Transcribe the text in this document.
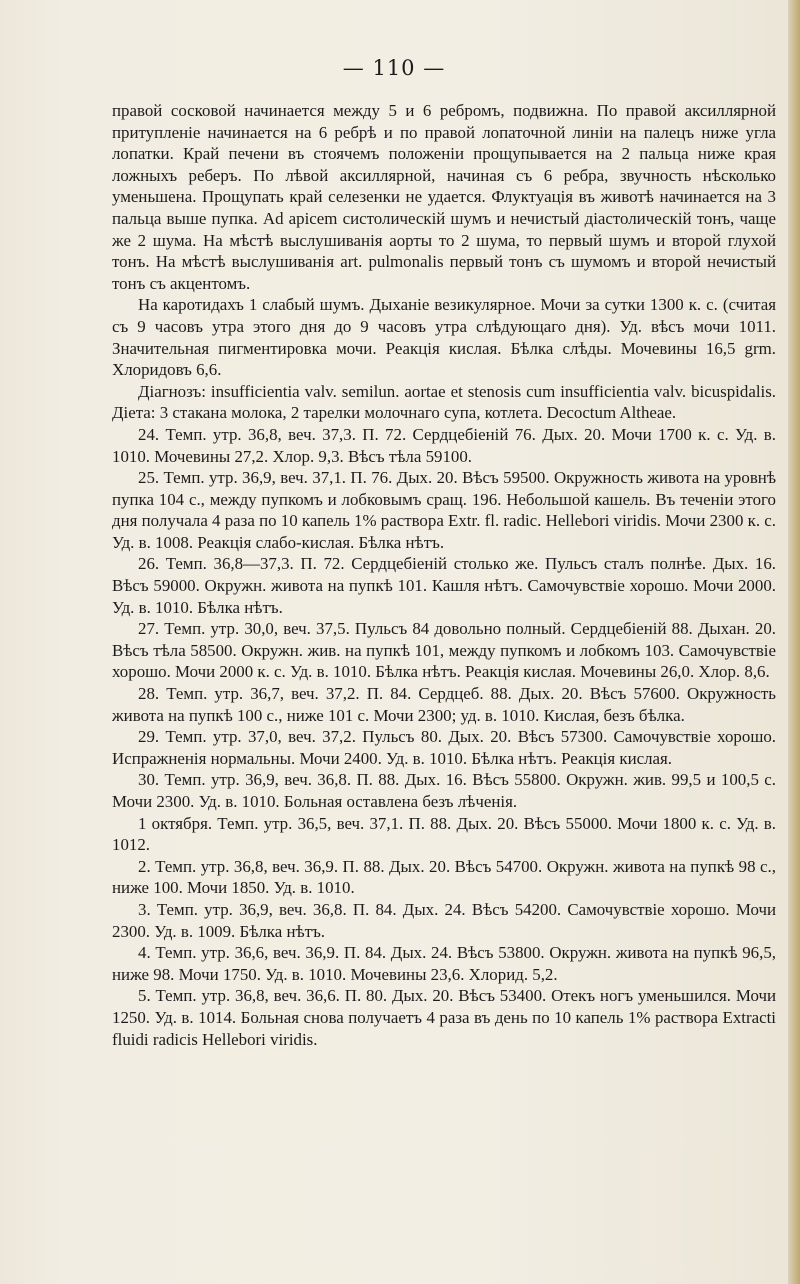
— 110 —

правой сосковой начинается между 5 и 6 ребромъ, подвижна. По правой аксиллярной притупленіе начинается на 6 ребрѣ и по правой лопаточной линіи на палецъ ниже угла лопатки. Край печени въ стоячемъ положеніи прощупывается на 2 пальца ниже края ложныхъ реберъ. По лѣвой аксиллярной, начиная съ 6 ребра, звучность нѣсколько уменьшена. Прощупать край селезенки не удается. Флуктуація въ животѣ начинается на 3 пальца выше пупка. Ad apicem систолическій шумъ и нечистый діастолическій тонъ, чаще же 2 шума. На мѣстѣ выслушиванія аорты то 2 шума, то первый шумъ и второй глухой тонъ. На мѣстѣ выслушиванія art. pulmonalis первый тонъ съ шумомъ и второй нечистый тонъ съ акцентомъ.

На каротидахъ 1 слабый шумъ. Дыханіе везикулярное. Мочи за сутки 1300 к. с. (считая съ 9 часовъ утра этого дня до 9 часовъ утра слѣдующаго дня). Уд. вѣсъ мочи 1011. Значительная пигментировка мочи. Реакція кислая. Бѣлка слѣды. Мочевины 16,5 grm. Хлоридовъ 6,6.

Діагнозъ: insufficientia valv. semilun. aortae et stenosis cum insufficientia valv. bicuspidalis. Діета: 3 стакана молока, 2 тарелки молочнаго супа, котлета. Decoctum Altheae.

24. Темп. утр. 36,8, веч. 37,3. П. 72. Сердцебіеній 76. Дых. 20. Мочи 1700 к. с. Уд. в. 1010. Мочевины 27,2. Хлор. 9,3. Вѣсъ тѣла 59100.

25. Темп. утр. 36,9, веч. 37,1. П. 76. Дых. 20. Вѣсъ 59500. Окружность живота на уровнѣ пупка 104 с., между пупкомъ и лобковымъ сращ. 196. Небольшой кашель. Въ теченіи этого дня получала 4 раза по 10 капель 1% раствора Extr. fl. radic. Hellebori viridis. Мочи 2300 к. с. Уд. в. 1008. Реакція слабо-кислая. Бѣлка нѣтъ.

26. Темп. 36,8—37,3. П. 72. Сердцебіеній столько же. Пульсъ сталъ полнѣе. Дых. 16. Вѣсъ 59000. Окружн. живота на пупкѣ 101. Кашля нѣтъ. Самочувствіе хорошо. Мочи 2000. Уд. в. 1010. Бѣлка нѣтъ.

27. Темп. утр. 30,0, веч. 37,5. Пульсъ 84 довольно полный. Сердцебіеній 88. Дыхан. 20. Вѣсъ тѣла 58500. Окружн. жив. на пупкѣ 101, между пупкомъ и лобкомъ 103. Самочувствіе хорошо. Мочи 2000 к. с. Уд. в. 1010. Бѣлка нѣтъ. Реакція кислая. Мочевины 26,0. Хлор. 8,6.

28. Темп. утр. 36,7, веч. 37,2. П. 84. Сердцеб. 88. Дых. 20. Вѣсъ 57600. Окружность живота на пупкѣ 100 с., ниже 101 с. Мочи 2300; уд. в. 1010. Кислая, безъ бѣлка.

29. Темп. утр. 37,0, веч. 37,2. Пульсъ 80. Дых. 20. Вѣсъ 57300. Самочувствіе хорошо. Испражненія нормальны. Мочи 2400. Уд. в. 1010. Бѣлка нѣтъ. Реакція кислая.

30. Темп. утр. 36,9, веч. 36,8. П. 88. Дых. 16. Вѣсъ 55800. Окружн. жив. 99,5 и 100,5 с. Мочи 2300. Уд. в. 1010. Больная оставлена безъ лѣченія.

1 октября. Темп. утр. 36,5, веч. 37,1. П. 88. Дых. 20. Вѣсъ 55000. Мочи 1800 к. с. Уд. в. 1012.

2. Темп. утр. 36,8, веч. 36,9. П. 88. Дых. 20. Вѣсъ 54700. Окружн. живота на пупкѣ 98 с., ниже 100. Мочи 1850. Уд. в. 1010.

3. Темп. утр. 36,9, веч. 36,8. П. 84. Дых. 24. Вѣсъ 54200. Самочувствіе хорошо. Мочи 2300. Уд. в. 1009. Бѣлка нѣтъ.

4. Темп. утр. 36,6, веч. 36,9. П. 84. Дых. 24. Вѣсъ 53800. Окружн. живота на пупкѣ 96,5, ниже 98. Мочи 1750. Уд. в. 1010. Мочевины 23,6. Хлорид. 5,2.

5. Темп. утр. 36,8, веч. 36,6. П. 80. Дых. 20. Вѣсъ 53400. Отекъ ногъ уменьшился. Мочи 1250. Уд. в. 1014. Больная снова получаетъ 4 раза въ день по 10 капель 1% раствора Extracti fluidi radicis Hellebori viridis.
